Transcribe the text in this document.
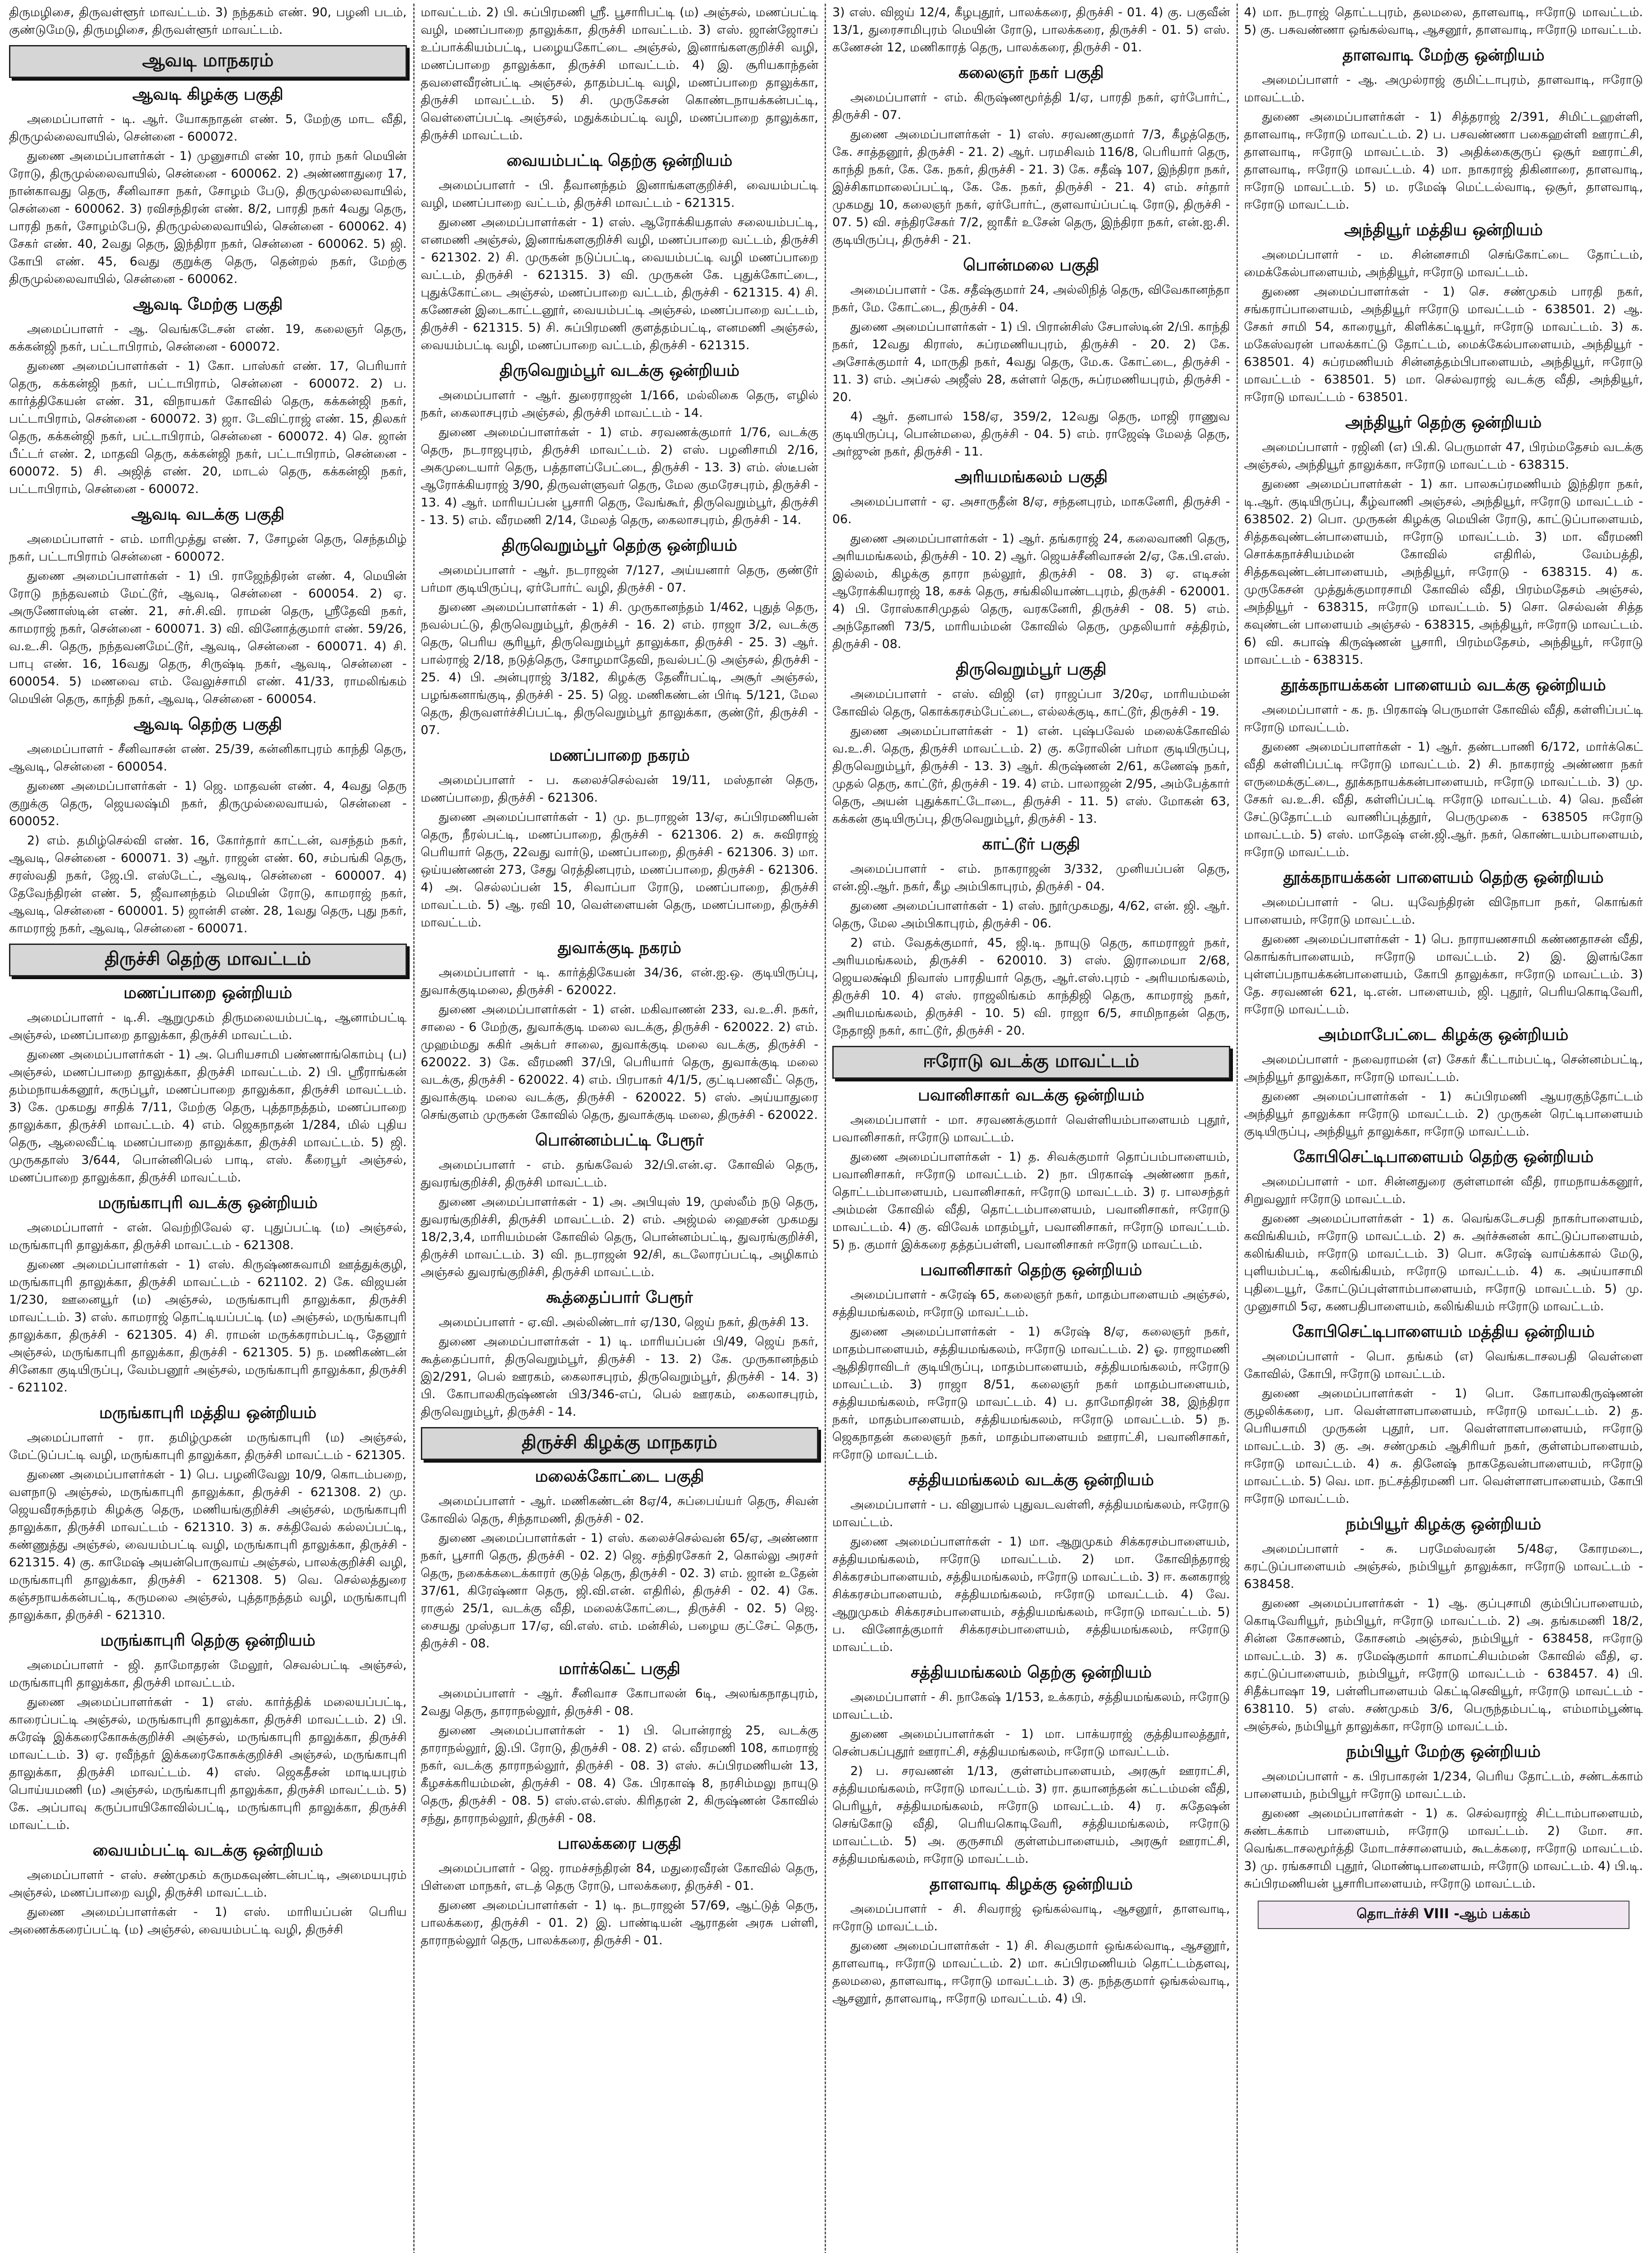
திருமழிசை, திருவள்ளூர் மாவட்டம். 3) நந்தகம் எண். 90, பழனி படம், குண்டுமேடு, திருமழிசை, திருவள்ளூர் மாவட்டம்.
ஆவடி மாநகரம்
ஆவடி கிழக்கு பகுதி
அமைப்பாளர் - டி. ஆர். யோகநாதன் எண். 5, மேற்கு மாட வீதி, திருமுல்லைவாயில், சென்னை - 600072.
துணை அமைப்பாளர்கள் - 1) முனுசாமி எண் 10, ராம் நகர் மெயின் ரோடு, திருமுல்லைவாயில், சென்னை - 600062. 2) அண்ணாதுரை 17, நான்காவது தெரு, சீனிவாசா நகர், சோழம் பேடு, திருமுல்லைவாயில், சென்னை - 600062. 3) ரவிசந்திரன் எண். 8/2, பாரதி நகர் 4வது தெரு, பாரதி நகர், சோழம்பேடு, திருமுல்லைவாயில், சென்னை - 600062. 4) சேகர் எண். 40, 2வது தெரு, இந்திரா நகர், சென்னை - 600062. 5) ஜி. கோபி எண். 45, 6வது குறுக்கு தெரு, தென்றல் நகர், மேற்கு திருமுல்லைவாயில், சென்னை - 600062.
ஆவடி மேற்கு பகுதி
அமைப்பாளர் - ஆ. வெங்கடேசன் எண். 19, கலைஞர் தெரு, கக்கன்ஜி நகர், பட்டாபிராம், சென்னை - 600072.
துணை அமைப்பாளர்கள் - 1) கோ. பாஸ்கர் எண். 17, பெரியார் தெரு, கக்கன்ஜி நகர், பட்டாபிராம், சென்னை - 600072. 2) ப. கார்த்திகேயன் எண். 31, விநாயகர் கோவில் தெரு, கக்கன்ஜி நகர், பட்டாபிராம், சென்னை - 600072. 3) ஜா. டேவிட்ராஜ் எண். 15, திலகர் தெரு, கக்கன்ஜி நகர், பட்டாபிராம், சென்னை - 600072. 4) செ. ஜான் பீட்டர் எண். 2, மாதவி தெரு, கக்கன்ஜி நகர், பட்டாபிராம், சென்னை - 600072. 5) சி. அஜித் எண். 20, மாடல் தெரு, கக்கன்ஜி நகர், பட்டாபிராம், சென்னை - 600072.
ஆவடி வடக்கு பகுதி
அமைப்பாளர் - எம். மாரிமுத்து எண். 7, சோழன் தெரு, செந்தமிழ் நகர், பட்டாபிராம் சென்னை - 600072.
துணை அமைப்பாளர்கள் - 1) பி. ராஜேந்திரன் எண். 4, மெயின் ரோடு நந்தவனம் மேட்டூர், ஆவடி, சென்னை - 600054. 2) ஏ. அருணோஸ்டின் எண். 21, சர்.சி.வி. ராமன் தெரு, ஸ்ரீதேவி நகர், காமராஜ் நகர், சென்னை - 600071. 3) வி. வினோத்குமார் எண். 59/26, வ.உ.சி. தெரு, நந்தவனமேட்டூர், ஆவடி, சென்னை - 600071. 4) சி. பாபு எண். 16, 16வது தெரு, சிருஷ்டி நகர், ஆவடி, சென்னை - 600054. 5) மணவை எம். வேலுச்சாமி எண். 41/33, ராமலிங்கம் மெயின் தெரு, காந்தி நகர், ஆவடி, சென்னை - 600054.
ஆவடி தெற்கு பகுதி
அமைப்பாளர் - சீனிவாசன் எண். 25/39, கன்னிகாபுரம் காந்தி தெரு, ஆவடி, சென்னை - 600054.
துணை அமைப்பாளர்கள் - 1) ஜெ. மாதவன் எண். 4, 4வது தெரு குறுக்கு தெரு, ஜெயலஷ்மி நகர், திருமுல்லைவாயல், சென்னை - 600052.
2) எம். தமிழ்செல்வி எண். 16, கோர்தார் காட்டன், வசந்தம் நகர், ஆவடி, சென்னை - 600071. 3) ஆர். ராஜன் எண். 60, சம்பங்கி தெரு, சரஸ்வதி நகர், ஜே.பி. எஸ்டேட், ஆவடி, சென்னை - 600007. 4) தேவேந்திரன் எண். 5, ஜீவானந்தம் மெயின் ரோடு, காமராஜ் நகர், ஆவடி, சென்னை - 600001. 5) ஜான்சி எண். 28, 1வது தெரு, புது நகர், காமராஜ் நகர், ஆவடி, சென்னை - 600071.
திருச்சி தெற்கு மாவட்டம்
மணப்பாறை ஒன்றியம்
அமைப்பாளர் - டி.சி. ஆறுமுகம் திருமலையம்பட்டி, ஆனாம்பட்டி அஞ்சல், மணப்பாறை தாலுக்கா, திருச்சி மாவட்டம்.
துணை அமைப்பாளர்கள் - 1) அ. பெரியசாமி பண்ணாங்கொம்பு (ப) அஞ்சல், மணப்பாறை தாலுக்கா, திருச்சி மாவட்டம். 2) பி. ஸ்ரீராங்கன் தம்மநாயக்கனூர், கருப்பூர், மணப்பாறை தாலுக்கா, திருச்சி மாவட்டம். 3) கே. முகமது சாதிக் 7/11, மேற்கு தெரு, புத்தாநத்தம், மணப்பாறை தாலுக்கா, திருச்சி மாவட்டம். 4) எம். ஜெகநாதன் 1/284, மில் புதிய தெரு, ஆலைவீட்டி மணப்பாறை தாலுக்கா, திருச்சி மாவட்டம். 5) ஜி. முருகதாஸ் 3/644, பொன்னிபெல் பாடி, எஸ். கீரைபூர் அஞ்சல், மணப்பாறை தாலுக்கா, திருச்சி மாவட்டம்.
மருங்காபுரி வடக்கு ஒன்றியம்
அமைப்பாளர் - என். வெற்றிவேல் ஏ. புதுப்பட்டி (ம) அஞ்சல், மருங்காபுரி தாலுக்கா, திருச்சி மாவட்டம் - 621308.
துணை அமைப்பாளர்கள் - 1) எஸ். கிருஷ்ணசுவாமி ஊத்துக்குழி, மருங்காபுரி தாலுக்கா, திருச்சி மாவட்டம் - 621102. 2) கே. விஜயன் 1/230, ஊனையூர் (ம) அஞ்சல், மருங்காபுரி தாலுக்கா, திருச்சி மாவட்டம். 3) எஸ். காமராஜ் தொட்டியப்பட்டி (ம) அஞ்சல், மருங்காபுரி தாலுக்கா, திருச்சி - 621305. 4) சி. ராமன் மருக்கராம்பட்டி, தேனூர் அஞ்சல், மருங்காபுரி தாலுக்கா, திருச்சி - 621305. 5) ந. மணிகண்டன் சினேகா குடியிருப்பு, வேம்பனூர் அஞ்சல், மருங்காபுரி தாலுக்கா, திருச்சி - 621102.
மருங்காபுரி மத்திய ஒன்றியம்
அமைப்பாளர் - ரா. தமிழ்முகன் மருங்காபுரி (ம) அஞ்சல், மேட்டுப்பட்டி வழி, மருங்காபுரி தாலுக்கா, திருச்சி மாவட்டம் - 621305.
துணை அமைப்பாளர்கள் - 1) பெ. பழனிவேலு 10/9, கொடம்பறை, வளநாடு அஞ்சல், மருங்காபுரி தாலுக்கா, திருச்சி - 621308. 2) மு. ஜெயவீரசுந்தரம் கிழக்கு தெரு, மணியங்குறிச்சி அஞ்சல், மருங்காபுரி தாலுக்கா, திருச்சி மாவட்டம் - 621310. 3) சு. சக்திவேல் கல்லப்பட்டி, கண்ணுத்து அஞ்சல், வையம்பட்டி வழி, மருங்காபுரி தாலுக்கா, திருச்சி - 621315. 4) கு. காமேஷ் அயன்பொருவாய் அஞ்சல், பாலக்குறிச்சி வழி, மருங்காபுரி தாலுக்கா, திருச்சி - 621308. 5) வெ. செல்லத்துரை கஞ்சநாயக்கன்பட்டி, கருமலை அஞ்சல், புத்தாநத்தம் வழி, மருங்காபுரி தாலுக்கா, திருச்சி - 621310.
மருங்காபுரி தெற்கு ஒன்றியம்
அமைப்பாளர் - ஜி. தாமோதரன் மேலூர், செவல்பட்டி அஞ்சல், மருங்காபுரி தாலுக்கா, திருச்சி மாவட்டம்.
துணை அமைப்பாளர்கள் - 1) எஸ். கார்த்திக் மலையப்பட்டி, காரைப்பட்டி அஞ்சல், மருங்காபுரி தாலுக்கா, திருச்சி மாவட்டம். 2) பி. சுரேஷ் இக்கரைகோசுக்குறிச்சி அஞ்சல், மருங்காபுரி தாலுக்கா, திருச்சி மாவட்டம். 3) ஏ. ரவீந்தர் இக்கரைகோசுக்குறிச்சி அஞ்சல், மருங்காபுரி தாலுக்கா, திருச்சி மாவட்டம். 4) எஸ். ஜெகதீசன் மாடியபுரம் பொய்யமணி (ம) அஞ்சல், மருங்காபுரி தாலுக்கா, திருச்சி மாவட்டம். 5) கே. அப்பாவு கருப்பாயிகோவில்பட்டி, மருங்காபுரி தாலுக்கா, திருச்சி மாவட்டம்.
வையம்பட்டி வடக்கு ஒன்றியம்
அமைப்பாளர் - எஸ். சண்முகம் கருமகவுண்டன்பட்டி, அமையபுரம் அஞ்சல், மணப்பாறை வழி, திருச்சி மாவட்டம்.
துணை அமைப்பாளர்கள் - 1) எஸ். மாரியப்பன் பெரிய அணைக்கரைப்பட்டி (ம) அஞ்சல், வையம்பட்டி வழி, திருச்சி
மாவட்டம். 2) பி. சுப்பிரமணி ஸ்ரீ. பூசாரிபட்டி (ம) அஞ்சல், மணப்பட்டி வழி, மணப்பாறை தாலுக்கா, திருச்சி மாவட்டம். 3) எஸ். ஜான்ஜோசப் உப்பாக்கியம்பட்டி, பழையகோட்டை அஞ்சல், இனாங்களகுறிச்சி வழி, மணப்பாறை தாலுக்கா, திருச்சி மாவட்டம். 4) இ. சூரியகாந்தன் தவளைவீரன்பட்டி அஞ்சல், தாதம்பட்டி வழி, மணப்பாறை தாலுக்கா, திருச்சி மாவட்டம். 5) சி. முருகேசன் கொண்டநாயக்கன்பட்டி, வெள்ளைப்பட்டி அஞ்சல், மதுக்கம்பட்டி வழி, மணப்பாறை தாலுக்கா, திருச்சி மாவட்டம்.
வையம்பட்டி தெற்கு ஒன்றியம்
அமைப்பாளர் - பி. தீவானந்தம் இனாங்களகுறிச்சி, வையம்பட்டி வழி, மணப்பாறை வட்டம், திருச்சி மாவட்டம் - 621315.
துணை அமைப்பாளர்கள் - 1) எஸ். ஆரோக்கியதாஸ் சலையம்பட்டி, எனமணி அஞ்சல், இனாங்களகுறிச்சி வழி, மணப்பாறை வட்டம், திருச்சி - 621302. 2) சி. முருகன் நடுப்பட்டி, வையம்பட்டி வழி மணப்பாறை வட்டம், திருச்சி - 621315. 3) வி. முருகன் கே. புதுக்கோட்டை, புதுக்கோட்டை அஞ்சல், மணப்பாறை வட்டம், திருச்சி - 621315. 4) சி. கணேசன் இடைகாட்டனூர், வையம்பட்டி அஞ்சல், மணப்பாறை வட்டம், திருச்சி - 621315. 5) சி. சுப்பிரமணி குளத்தம்பட்டி, எனமணி அஞ்சல், வையம்பட்டி வழி, மணப்பாறை வட்டம், திருச்சி - 621315.
திருவெறும்பூர் வடக்கு ஒன்றியம்
அமைப்பாளர் - ஆர். துரைராஜன் 1/166, மல்லிகை தெரு, எழில் நகர், கைலாசபுரம் அஞ்சல், திருச்சி மாவட்டம் - 14.
துணை அமைப்பாளர்கள் - 1) எம். சரவணக்குமார் 1/76, வடக்கு தெரு, நடராஜபுரம், திருச்சி மாவட்டம். 2) எஸ். பழனிசாமி 2/16, அகமுடையார் தெரு, பத்தாளப்பேட்டை, திருச்சி - 13. 3) எம். ஸ்டீபன் ஆரோக்கியராஜ் 3/90, திருவள்ளுவர் தெரு, மேல குமரேசபுரம், திருச்சி - 13. 4) ஆர். மாரியப்பன் பூசாரி தெரு, வேங்கூர், திருவெறும்பூர், திருச்சி - 13. 5) எம். வீரமணி 2/14, மேலத் தெரு, கைலாசபுரம், திருச்சி - 14.
திருவெறும்பூர் தெற்கு ஒன்றியம்
அமைப்பாளர் - ஆர். நடராஜன் 7/127, அய்யனார் தெரு, குண்டூர் பர்மா குடியிருப்பு, ஏர்போர்ட் வழி, திருச்சி - 07.
துணை அமைப்பாளர்கள் - 1) சி. முருகானந்தம் 1/462, புதுத் தெரு, நவல்பட்டு, திருவெறும்பூர், திருச்சி - 16. 2) எம். ராஜா 3/2, வடக்கு தெரு, பெரிய சூரியூர், திருவெறும்பூர் தாலுக்கா, திருச்சி - 25. 3) ஆர். பால்ராஜ் 2/18, நடுத்தெரு, சோழமாதேவி, நவல்பட்டு அஞ்சல், திருச்சி - 25. 4) பி. அன்புராஜ் 3/182, கிழக்கு தேனீர்பட்டி, அசூர் அஞ்சல், பழங்கனாங்குடி, திருச்சி - 25. 5) ஜெ. மணிகண்டன் பிர்டி 5/121, மேல தெரு, திருவளர்ச்சிப்பட்டி, திருவெறும்பூர் தாலுக்கா, குண்டூர், திருச்சி - 07.
மணப்பாறை நகரம்
அமைப்பாளர் - ப. கலைச்செல்வன் 19/11, மஸ்தான் தெரு, மணப்பாறை, திருச்சி - 621306.
துணை அமைப்பாளர்கள் - 1) மு. நடராஜன் 13/ஏ, சுப்பிரமணியன் தெரு, நீரல்பட்டி, மணப்பாறை, திருச்சி - 621306. 2) சு. சுவிராஜ் பெரியார் தெரு, 22வது வார்டு, மணப்பாறை, திருச்சி - 621306. 3) மா. ஒய்யண்ணன் 273, சேது ரெத்தினபுரம், மணப்பாறை, திருச்சி - 621306. 4) அ. செல்லப்பன் 15, சிவாப்பா ரோடு, மணப்பாறை, திருச்சி மாவட்டம். 5) ஆ. ரவி 10, வெள்ளையன் தெரு, மணப்பாறை, திருச்சி மாவட்டம்.
துவாக்குடி நகரம்
அமைப்பாளர் - டி. கார்த்திகேயன் 34/36, என்.ஐ.ஒ. குடியிருப்பு, துவாக்குடிமலை, திருச்சி - 620022.
துணை அமைப்பாளர்கள் - 1) என். மகிவாணன் 233, வ.உ.சி. நகர், சாலை - 6 மேற்கு, துவாக்குடி மலை வடக்கு, திருச்சி - 620022. 2) எம். முஹம்மது சுகிர் அக்பர் சாலை, துவாக்குடி மலை வடக்கு, திருச்சி - 620022. 3) கே. வீரமணி 37/பி, பெரியார் தெரு, துவாக்குடி மலை வடக்கு, திருச்சி - 620022. 4) எம். பிரபாகர் 4/1/5, குட்டிபணவீட் தெரு, துவாக்குடி மலை வடக்கு, திருச்சி - 620022. 5) எஸ். அய்யாதுரை செங்குளம் முருகன் கோவில் தெரு, துவாக்குடி மலை, திருச்சி - 620022.
பொன்னம்பட்டி பேரூர்
அமைப்பாளர் - எம். தங்கவேல் 32/பி.என்.ஏ. கோவில் தெரு, துவரங்குறிச்சி, திருச்சி மாவட்டம்.
துணை அமைப்பாளர்கள் - 1) அ. அபியுஸ் 19, முஸ்லீம் நடு தெரு, துவரங்குறிச்சி, திருச்சி மாவட்டம். 2) எம். அஜ்மல் ஹைசன் முகமது 18/2,3,4, மாரியம்மன் கோவில் தெரு, பொன்னம்பட்டி, துவரங்குறிச்சி, திருச்சி மாவட்டம். 3) வி. நடராஜன் 92/சி, கடலோரப்பட்டி, அழிகாம் அஞ்சல் துவரங்குறிச்சி, திருச்சி மாவட்டம்.
கூத்தைப்பார் பேரூர்
அமைப்பாளர் - ஏ.வி. அல்லிண்டார் ஏ/130, ஜெய் நகர், திருச்சி 13.
துணை அமைப்பாளர்கள் - 1) டி. மாரியப்பன் பி/49, ஜெய் நகர், கூத்தைப்பார், திருவெறும்பூர், திருச்சி - 13. 2) கே. முருகானந்தம் இ2/291, பெல் ஊரகம், கைலாசபுரம், திருவெறும்பூர், திருச்சி - 14. 3) பி. கோபாலகிருஷ்ணன் பி3/346-எப், பெல் ஊரகம், கைலாசபுரம், திருவெறும்பூர், திருச்சி - 14.
திருச்சி கிழக்கு மாநகரம்
மலைக்கோட்டை பகுதி
அமைப்பாளர் - ஆர். மணிகண்டன் 8ஏ/4, சுப்பைய்யர் தெரு, சிவன் கோவில் தெரு, சிந்தாமணி, திருச்சி - 02.
துணை அமைப்பாளர்கள் - 1) எஸ். கலைச்செல்வன் 65/ஏ, அண்ணா நகர், பூசாரி தெரு, திருச்சி - 02. 2) ஜெ. சந்திரசேகர் 2, கொல்லு அரசர் தெரு, நகைக்கடைக்காரர் குடுத் தெரு, திருச்சி - 02. 3) எம். ஜான் உதேன் 37/61, கிரேஷ்ணா தெரு, ஜி.வி.என். எதிரில், திருச்சி - 02. 4) கே. ராகுல் 25/1, வடக்கு வீதி, மலைக்கோட்டை, திருச்சி - 02. 5) ஜெ. சையது முஸ்தபா 17/ஏ, வி.எஸ். எம். மன்சில், பழைய குட்சேட் தெரு, திருச்சி - 08.
மார்க்கெட் பகுதி
அமைப்பாளர் - ஆர். சீனிவாச கோபாலன் 6டி, அலங்கநாதபுரம், 2வது தெரு, தாராநல்லூர், திருச்சி - 08.
துணை அமைப்பாளர்கள் - 1) பி. பொன்ராஜ் 25, வடக்கு தாராநல்லூர், இ.பி. ரோடு, திருச்சி - 08. 2) எல். வீரமணி 108, காமராஜ் நகர், வடக்கு தாராநல்லூர், திருச்சி - 08. 3) எஸ். சுப்பிரமணியன் 13, கீழசக்கரியம்மன், திருச்சி - 08. 4) கே. பிரகாஷ் 8, நரசிம்மலு நாயுடு தெரு, திருச்சி - 08. 5) எஸ்.எல்.எஸ். கிரிதரன் 2, கிருஷ்ணன் கோவில் சந்து, தாராநல்லூர், திருச்சி - 08.
பாலக்கரை பகுதி
அமைப்பாளர் - ஜெ. ராமச்சந்திரன் 84, மதுரைவீரன் கோவில் தெரு, பிள்ளை மாநகர், எடத் தெரு ரோடு, பாலக்கரை, திருச்சி - 01.
துணை அமைப்பாளர்கள் - 1) டி. நடராஜன் 57/69, ஆட்டுத் தெரு, பாலக்கரை, திருச்சி - 01. 2) இ. பாண்டியன் ஆராதன் அரசு பள்ளி, தாராநல்லூர் தெரு, பாலக்கரை, திருச்சி - 01.
3) எஸ். விஜய் 12/4, கீழபுதூர், பாலக்கரை, திருச்சி - 01. 4) கு. பகுவீன் 13/1, துரைசாமிபுரம் மெயின் ரோடு, பாலக்கரை, திருச்சி - 01. 5) எஸ். கணேசன் 12, மணிகாரத் தெரு, பாலக்கரை, திருச்சி - 01.
கலைஞர் நகர் பகுதி
அமைப்பாளர் - எம். கிருஷ்ணமூர்த்தி 1/ஏ, பாரதி நகர், ஏர்போர்ட், திருச்சி - 07.
துணை அமைப்பாளர்கள் - 1) எஸ். சரவணகுமார் 7/3, கீழத்தெரு, கே. சாத்தனூர், திருச்சி - 21. 2) ஆர். பரமசிவம் 116/8, பெரியார் தெரு, காந்தி நகர், கே. கே. நகர், திருச்சி - 21. 3) கே. சதீஷ் 107, இந்திரா நகர், இச்சிகாமாலைப்பட்டி, கே. கே. நகர், திருச்சி - 21. 4) எம். சர்தார் முகமது 10, கலைஞர் நகர், ஏர்போர்ட், குளவாய்ப்பட்டி ரோடு, திருச்சி - 07. 5) வி. சந்திரசேகர் 7/2, ஜாகீர் உசேன் தெரு, இந்திரா நகர், என்.ஐ.சி. குடியிருப்பு, திருச்சி - 21.
பொன்மலை பகுதி
அமைப்பாளர் - கே. சதீஷ்குமார் 24, அல்லிநித் தெரு, விவேகானந்தா நகர், மே. கோட்டை, திருச்சி - 04.
துணை அமைப்பாளர்கள் - 1) பி. பிரான்சிஸ் சேபாஸ்டின் 2/பி. காந்தி நகர், 12வது கிராஸ், சுப்ரமணியபுரம், திருச்சி - 20. 2) கே. அசோக்குமார் 4, மாருதி நகர், 4வது தெரு, மே.க. கோட்டை, திருச்சி - 11. 3) எம். அப்சல் அஜீஸ் 28, கள்ளர் தெரு, சுப்ரமணியபுரம், திருச்சி - 20.
4) ஆர். தனபால் 158/ஏ, 359/2, 12வது தெரு, மாஜி ராணுவ குடியிருப்பு, பொன்மலை, திருச்சி - 04. 5) எம். ராஜேஷ் மேலத் தெரு, அர்ஜுன் நகர், திருச்சி - 11.
அரியமங்கலம் பகுதி
அமைப்பாளர் - ஏ. அசாருதீன் 8/ஏ, சந்தனபுரம், மாகனேரி, திருச்சி - 06.
துணை அமைப்பாளர்கள் - 1) ஆர். தங்கராஜ் 24, கலைவாணி தெரு, அரியமங்கலம், திருச்சி - 10. 2) ஆர். ஜெயச்சீனிவாசன் 2/ஏ, கே.பி.எஸ். இல்லம், கிழக்கு தாரா நல்லூர், திருச்சி - 08. 3) ஏ. எடிசன் ஆரோக்கியராஜ் 18, கசக் தெரு, சங்கிலியாண்டபுரம், திருச்சி - 620001. 4) பி. ரோஸ்காசிமுதல் தெரு, வரகனேரி, திருச்சி - 08. 5) எம். அந்தோணி 73/5, மாரியம்மன் கோவில் தெரு, முதலியார் சத்திரம், திருச்சி - 08.
திருவெறும்பூர் பகுதி
அமைப்பாளர் - எஸ். விஜி (எ) ராஜப்பா 3/20ஏ, மாரியம்மன் கோவில் தெரு, கொக்கரசம்பேட்டை, எல்லக்குடி, காட்டூர், திருச்சி - 19.
துணை அமைப்பாளர்கள் - 1) என். புஷ்பவேல் மலைக்கோவில் வ.உ.சி. தெரு, திருச்சி மாவட்டம். 2) கு. கரோலின் பர்மா குடியிருப்பு, திருவெறும்பூர், திருச்சி - 13. 3) ஆர். கிருஷ்ணன் 2/61, கணேஷ் நகர், முதல் தெரு, காட்டூர், திருச்சி - 19. 4) எம். பாலாஜன் 2/95, அம்பேத்கார் தெரு, அயன் புதுக்காட்டோடை, திருச்சி - 11. 5) எஸ். மோகன் 63, கக்கன் குடியிருப்பு, திருவெறும்பூர், திருச்சி - 13.
காட்டூர் பகுதி
அமைப்பாளர் - எம். நாகராஜன் 3/332, முனியப்பன் தெரு, என்.ஜி.ஆர். நகர், கீழ அம்பிகாபுரம், திருச்சி - 04.
துணை அமைப்பாளர்கள் - 1) எஸ். நூர்முகமது, 4/62, என். ஜி. ஆர். தெரு, மேல அம்பிகாபுரம், திருச்சி - 06.
2) எம். வேதக்குமார், 45, ஜி.டி. நாயுடு தெரு, காமராஜர் நகர், அரியமங்கலம், திருச்சி - 620010. 3) எஸ். இராமையா 2/68, ஜெயலக்ஷ்மி நிவாஸ் பாரதியார் தெரு, ஆர்.எஸ்.புரம் - அரியமங்கலம், திருச்சி 10. 4) எஸ். ராஜலிங்கம் காந்திஜி தெரு, காமராஜ் நகர், அரியமங்கலம், திருச்சி - 10. 5) வி. ராஜா 6/5, சாமிநாதன் தெரு, நேதாஜி நகர், காட்டூர், திருச்சி - 20.
ஈரோடு வடக்கு மாவட்டம்
பவானிசாகர் வடக்கு ஒன்றியம்
அமைப்பாளர் - மா. சரவணக்குமார் வெள்ளியம்பாளையம் புதூர், பவானிசாகர், ஈரோடு மாவட்டம்.
துணை அமைப்பாளர்கள் - 1) த. சிவக்குமார் தொப்பம்பாளையம், பவானிசாகர், ஈரோடு மாவட்டம். 2) நா. பிரகாஷ் அண்ணா நகர், தொட்டம்பாளையம், பவானிசாகர், ஈரோடு மாவட்டம். 3) ர. பாலசந்தர் அம்மன் கோவில் வீதி, தொட்டம்பாளையம், பவானிசாகர், ஈரோடு மாவட்டம். 4) கு. விவேக் மாதம்பூர், பவானிசாகர், ஈரோடு மாவட்டம். 5) ந. குமார் இக்கரை தத்தப்பள்ளி, பவானிசாகர் ஈரோடு மாவட்டம்.
பவானிசாகர் தெற்கு ஒன்றியம்
அமைப்பாளர் - சுரேஷ் 65, கலைஞர் நகர், மாதம்பாளையம் அஞ்சல், சத்தியமங்கலம், ஈரோடு மாவட்டம்.
துணை அமைப்பாளர்கள் - 1) சுரேஷ் 8/ஏ, கலைஞர் நகர், மாதம்பாளையம், சத்தியமங்கலம், ஈரோடு மாவட்டம். 2) ஓ. ராஜாமணி ஆதிதிராவிடர் குடியிருப்பு, மாதம்பாளையம், சத்தியமங்கலம், ஈரோடு மாவட்டம். 3) ராஜா 8/51, கலைஞர் நகர் மாதம்பாளையம், சத்தியமங்கலம், ஈரோடு மாவட்டம். 4) ப. தாமோதிரன் 38, இந்திரா நகர், மாதம்பாளையம், சத்தியமங்கலம், ஈரோடு மாவட்டம். 5) ந. ஜெகநாதன் கலைஞர் நகர், மாதம்பாளையம் ஊராட்சி, பவானிசாகர், ஈரோடு மாவட்டம்.
சத்தியமங்கலம் வடக்கு ஒன்றியம்
அமைப்பாளர் - ப. வினுபால் புதுவடவள்ளி, சத்தியமங்கலம், ஈரோடு மாவட்டம்.
துணை அமைப்பாளர்கள் - 1) மா. ஆறுமுகம் சிக்கரசம்பாளையம், சத்தியமங்கலம், ஈரோடு மாவட்டம். 2) மா. கோவிந்தராஜ் சிக்கரசம்பாளையம், சத்தியமங்கலம், ஈரோடு மாவட்டம். 3) ஈ. கனகராஜ் சிக்கரசம்பாளையம், சத்தியமங்கலம், ஈரோடு மாவட்டம். 4) வே. ஆறுமுகம் சிக்கரசம்பாளையம், சத்தியமங்கலம், ஈரோடு மாவட்டம். 5) ப. வினோத்குமார் சிக்கரசம்பாளையம், சத்தியமங்கலம், ஈரோடு மாவட்டம்.
சத்தியமங்கலம் தெற்கு ஒன்றியம்
அமைப்பாளர் - சி. நாகேஷ் 1/153, உக்கரம், சத்தியமங்கலம், ஈரோடு மாவட்டம்.
துணை அமைப்பாளர்கள் - 1) மா. பாக்யராஜ் குத்தியாலத்தூர், சென்பகப்புதூர் ஊராட்சி, சத்தியமங்கலம், ஈரோடு மாவட்டம்.
2) ப. சரவணன் 1/13, குள்ளம்பாளையம், அரசூர் ஊராட்சி, சத்தியமங்கலம், ஈரோடு மாவட்டம். 3) ரா. தயானந்தன் கட்டம்மன் வீதி, பெரியூர், சத்தியமங்கலம், ஈரோடு மாவட்டம். 4) ர. சுதேஷன் செங்கோடு வீதி, பெரியகொடிவேரி, சத்தியமங்கலம், ஈரோடு மாவட்டம். 5) அ. குருசாமி குள்ளம்பாளையம், அரசூர் ஊராட்சி, சத்தியமங்கலம், ஈரோடு மாவட்டம்.
தாளவாடி கிழக்கு ஒன்றியம்
அமைப்பாளர் - சி. சிவராஜ் ஒங்கல்வாடி, ஆசனூர், தாளவாடி, ஈரோடு மாவட்டம்.
துணை அமைப்பாளர்கள் - 1) சி. சிவகுமார் ஒங்கல்வாடி, ஆசனூர், தாளவாடி, ஈரோடு மாவட்டம். 2) மா. சுப்பிரமணியம் தொட்டம்தளவு, தலமலை, தாளவாடி, ஈரோடு மாவட்டம். 3) கு. நந்தகுமார் ஒங்கல்வாடி, ஆசனூர், தாளவாடி, ஈரோடு மாவட்டம். 4) பி.
4) மா. நடராஜ் தொட்டபுரம், தலமலை, தாளவாடி, ஈரோடு மாவட்டம். 5) கு. பசுவண்ணா ஒங்கல்வாடி, ஆசனூர், தாளவாடி, ஈரோடு மாவட்டம்.
தாளவாடி மேற்கு ஒன்றியம்
அமைப்பாளர் - ஆ. அமுல்ராஜ் குமிட்டாபுரம், தாளவாடி, ஈரோடு மாவட்டம்.
துணை அமைப்பாளர்கள் - 1) சித்தராஜ் 2/391, சிமிட்டஹள்ளி, தாளவாடி, ஈரோடு மாவட்டம். 2) ப. பசவண்ணா பகைஹள்ளி ஊராட்சி, தாளவாடி, ஈரோடு மாவட்டம். 3) அதிக்கைகுருப் ஒசூர் ஊராட்சி, தாளவாடி, ஈரோடு மாவட்டம். 4) மா. நாகராஜ் திகினாரை, தாளவாடி, ஈரோடு மாவட்டம். 5) ம. ரமேஷ் மெட்டல்வாடி, ஒசூர், தாளவாடி, ஈரோடு மாவட்டம்.
அந்தியூர் மத்திய ஒன்றியம்
அமைப்பாளர் - ம. சின்னசாமி செங்கோட்டை தோட்டம், மைக்கேல்பாளையம், அந்தியூர், ஈரோடு மாவட்டம்.
துணை அமைப்பாளர்கள் - 1) செ. சண்முகம் பாரதி நகர், சங்கராப்பாளையம், அந்தியூர் ஈரோடு மாவட்டம் - 638501. 2) ஆ. சேகர் சாமி 54, காரையூர், கிளிக்கட்டியூர், ஈரோடு மாவட்டம். 3) க. மகேஸ்வரன் பாலக்காட்டு தோட்டம், மைக்கேல்பாளையம், அந்தியூர் - 638501. 4) சுப்ரமணியம் சின்னத்தம்பிபாளையம், அந்தியூர், ஈரோடு மாவட்டம் - 638501. 5) மா. செல்வராஜ் வடக்கு வீதி, அந்தியூர், ஈரோடு மாவட்டம் - 638501.
அந்தியூர் தெற்கு ஒன்றியம்
அமைப்பாளர் - ரஜினி (எ) பி.கி. பெருமாள் 47, பிரம்மதேசம் வடக்கு அஞ்சல், அந்தியூர் தாலுக்கா, ஈரோடு மாவட்டம் - 638315.
துணை அமைப்பாளர்கள் - 1) கா. பாலசுப்ரமணியம் இந்திரா நகர், டி.ஆர். குடியிருப்பு, கீழ்வாணி அஞ்சல், அந்தியூர், ஈரோடு மாவட்டம் - 638502. 2) பொ. முருகன் கிழக்கு மெயின் ரோடு, காட்டுப்பாளையம், சித்தகவுண்டன்பாளையம், ஈரோடு மாவட்டம். 3) மா. வீரமணி சொக்கநாச்சியம்மன் கோவில் எதிரில், வேம்பத்தி, சித்தகவுண்டன்பாளையம், அந்தியூர், ஈரோடு - 638315. 4) க. முருகேசன் முத்துக்குமாரசாமி கோவில் வீதி, பிரம்மதேசம் அஞ்சல், அந்தியூர் - 638315, ஈரோடு மாவட்டம். 5) சொ. செல்வன் சித்த கவுண்டன் பாளையம் அஞ்சல் - 638315, அந்தியூர், ஈரோடு மாவட்டம். 6) வி. சுபாஷ் கிருஷ்ணன் பூசாரி, பிரம்மதேசம், அந்தியூர், ஈரோடு மாவட்டம் - 638315.
தூக்கநாயக்கன் பாளையம் வடக்கு ஒன்றியம்
அமைப்பாளர் - க. ந. பிரகாஷ் பெருமாள் கோவில் வீதி, கள்ளிப்பட்டி ஈரோடு மாவட்டம்.
துணை அமைப்பாளர்கள் - 1) ஆர். தண்டபாணி 6/172, மார்க்கெட் வீதி கள்ளிப்பட்டி ஈரோடு மாவட்டம். 2) சி. நாகராஜ் அண்ணா நகர் எருமைக்குட்டை, தூக்கநாயக்கன்பாளையம், ஈரோடு மாவட்டம். 3) மு. சேகர் வ.உ.சி. வீதி, கள்ளிப்பட்டி ஈரோடு மாவட்டம். 4) வெ. நவீன் சேட்டுதோட்டம் வாணிப்புத்தூர், பெருமுகை - 638505 ஈரோடு மாவட்டம். 5) எஸ். மாதேஷ் என்.ஜி.ஆர். நகர், கொண்டயம்பாளையம், ஈரோடு மாவட்டம்.
தூக்கநாயக்கன் பாளையம் தெற்கு ஒன்றியம்
அமைப்பாளர் - பெ. யுவேந்திரன் விநோபா நகர், கொங்கர் பாளையம், ஈரோடு மாவட்டம்.
துணை அமைப்பாளர்கள் - 1) பெ. நாராயணசாமி கண்ணதாசன் வீதி, கொங்கர்பாளையம், ஈரோடு மாவட்டம். 2) இ. இளங்கோ புள்ளப்பநாயக்கன்பாளையம், கோபி தாலுக்கா, ஈரோடு மாவட்டம். 3) தே. சரவணன் 621, டி.என். பாளையம், ஜி. புதூர், பெரியகொடிவேரி, ஈரோடு மாவட்டம்.
அம்மாபேட்டை கிழக்கு ஒன்றியம்
அமைப்பாளர் - நவைராமன் (எ) சேகர் கீட்டாம்பட்டி, சென்னம்பட்டி, அந்தியூர் தாலுக்கா, ஈரோடு மாவட்டம்.
துணை அமைப்பாளர்கள் - 1) சுப்பிரமணி ஆயரகுந்தோட்டம் அந்தியூர் தாலுக்கா ஈரோடு மாவட்டம். 2) முருகன் ரெட்டிபாளையம் குடியிருப்பு, அந்தியூர் தாலுக்கா, ஈரோடு மாவட்டம்.
கோபிசெட்டிபாளையம் தெற்கு ஒன்றியம்
அமைப்பாளர் - மா. சின்னதுரை குள்ளமான் வீதி, ராமநாயக்கனூர், சிறுவலூர் ஈரோடு மாவட்டம்.
துணை அமைப்பாளர்கள் - 1) க. வெங்கடேசபதி நாகர்பாளையம், கவிங்கியம், ஈரோடு மாவட்டம். 2) சு. அர்ச்சுனன் காட்டுப்பாளையம், கலிங்கியம், ஈரோடு மாவட்டம். 3) பொ. சுரேஷ் வாய்க்கால் மேடு, புளியம்பட்டி, கலிங்கியம், ஈரோடு மாவட்டம். 4) க. அய்யாசாமி புதிடையூர், கோட்டுப்புள்ளாம்பாளையம், ஈரோடு மாவட்டம். 5) மு. முனுசாமி 5ஏ, கணபதிபாளையம், கலிங்கியம் ஈரோடு மாவட்டம்.
கோபிசெட்டிபாளையம் மத்திய ஒன்றியம்
அமைப்பாளர் - பொ. தங்கம் (எ) வெங்கடாசலபதி வெள்ளை கோவில், கோபி, ஈரோடு மாவட்டம்.
துணை அமைப்பாளர்கள் - 1) பொ. கோபாலகிருஷ்ணன் குழலிக்கரை, பா. வெள்ளாளபாளையம், ஈரோடு மாவட்டம். 2) த. பெரியசாமி முருகன் புதூர், பா. வெள்ளாளபாளையம், ஈரோடு மாவட்டம். 3) கு. அ. சண்முகம் ஆசிரியர் நகர், குள்ளம்பாளையம், ஈரோடு மாவட்டம். 4) சு. தினேஷ் நாகதேவன்பாளையம், ஈரோடு மாவட்டம். 5) வெ. மா. நட்சத்திரமணி பா. வெள்ளாளபாளையம், கோபி ஈரோடு மாவட்டம்.
நம்பியூர் கிழக்கு ஒன்றியம்
அமைப்பாளர் - சு. பரமேஸ்வரன் 5/48ஏ, கோரமடை, கரட்டுப்பாளையம் அஞ்சல், நம்பியூர் தாலுக்கா, ஈரோடு மாவட்டம் - 638458.
துணை அமைப்பாளர்கள் - 1) ஆ. குப்புசாமி கும்பிப்பாளையம், கொடிவேரியூர், நம்பியூர், ஈரோடு மாவட்டம். 2) அ. தங்கமணி 18/2, சின்ன கோசணம், கோசனம் அஞ்சல், நம்பியூர் - 638458, ஈரோடு மாவட்டம். 3) க. ரமேஷ்குமார் காமாட்சியம்மன் கோவில் வீதி, ஏ. கரட்டுப்பாளையம், நம்பியூர், ஈரோடு மாவட்டம் - 638457. 4) பி. சிதீக்பாஷா 19, பள்ளிபாளையம் கெட்டிசெவியூர், ஈரோடு மாவட்டம் - 638110. 5) எஸ். சண்முகம் 3/6, பெருந்தம்பட்டி, எம்மாம்பூண்டி அஞ்சல், நம்பியூர் தாலுக்கா, ஈரோடு மாவட்டம்.
நம்பியூர் மேற்கு ஒன்றியம்
அமைப்பாளர் - க. பிரபாகரன் 1/234, பெரிய தோட்டம், சண்டக்காம் பாளையம், நம்பியூர் ஈரோடு மாவட்டம்.
துணை அமைப்பாளர்கள் - 1) க. செல்வராஜ் சிட்டாம்பாளையம், சுண்டக்காம் பாளையம், ஈரோடு மாவட்டம். 2) மோ. சா. வெங்கடாசலமூர்த்தி மோடாச்சாளையம், கூடக்கரை, ஈரோடு மாவட்டம். 3) மு. ரங்கசாமி புதூர், மொண்டிபாளையம், ஈரோடு மாவட்டம். 4) பி.டி. சுப்பிரமணியன் பூசாரிபாளையம், ஈரோடு மாவட்டம்.
தொடர்ச்சி VIII -ஆம் பக்கம்
